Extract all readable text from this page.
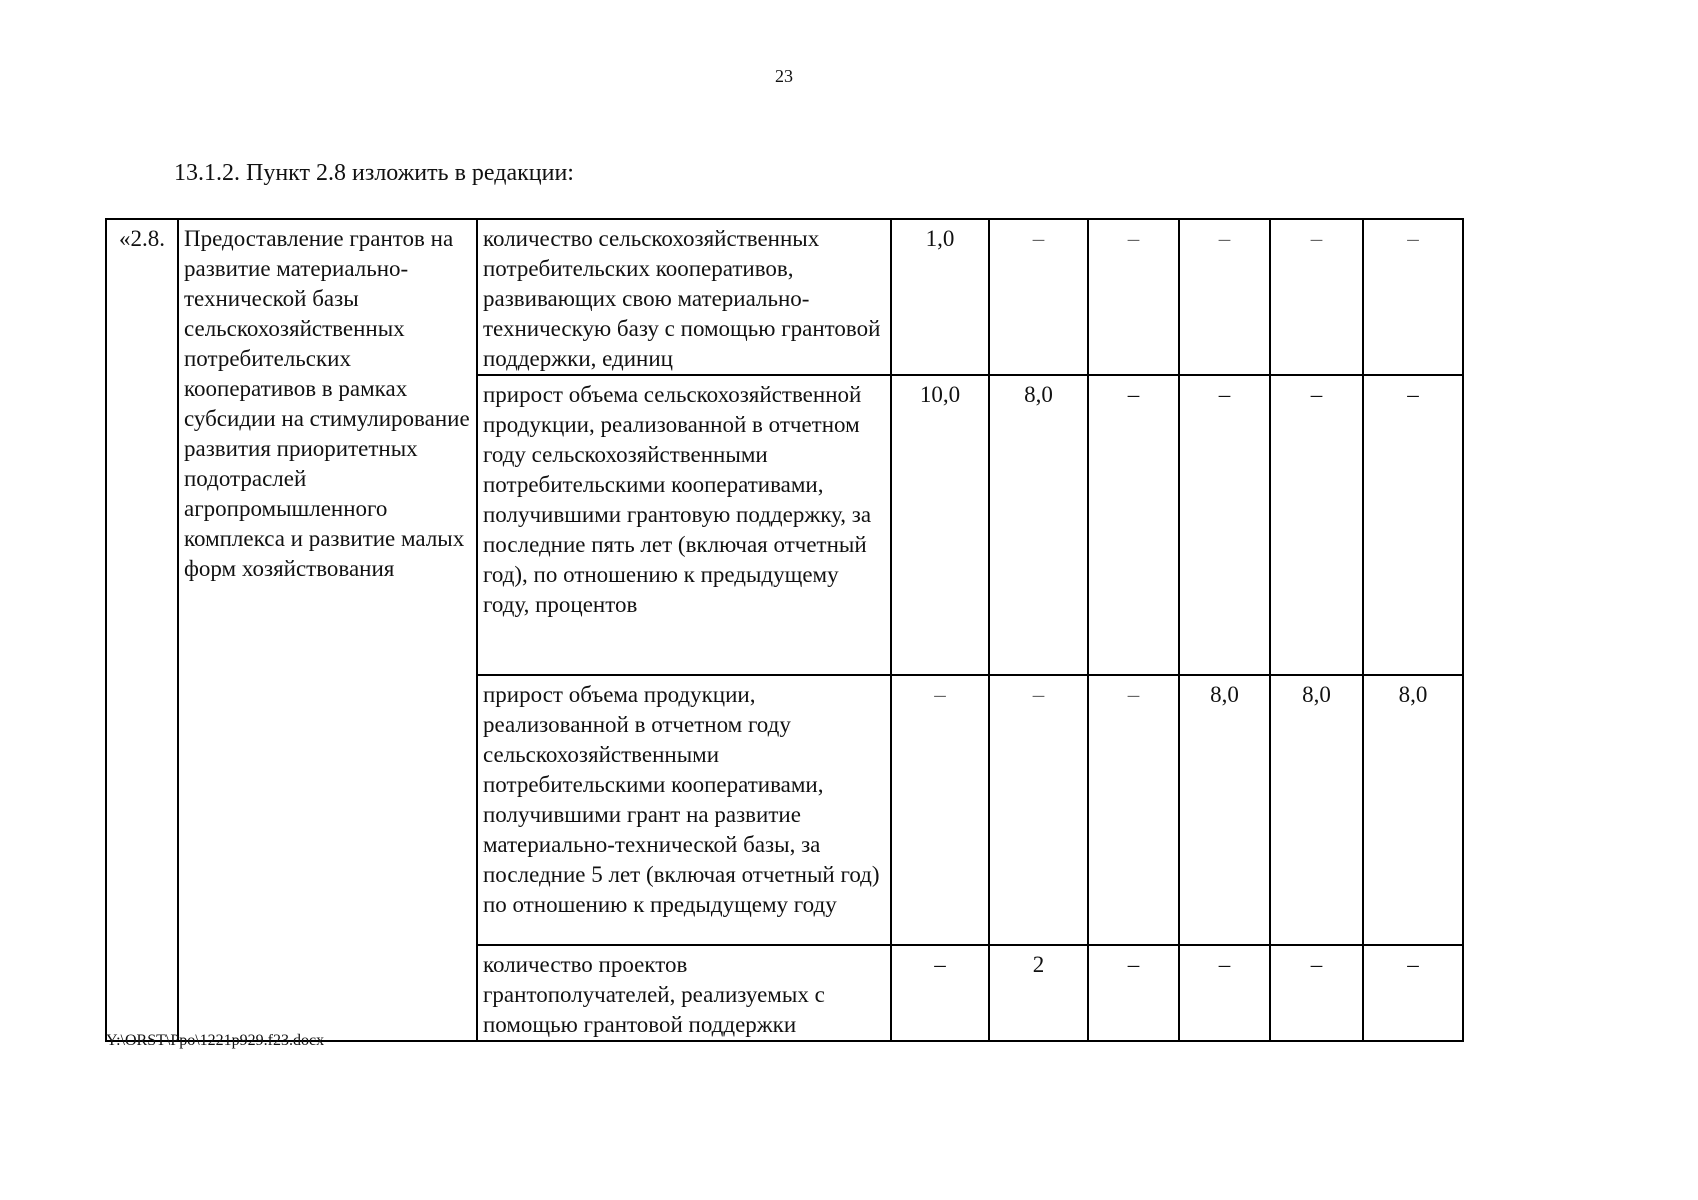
23
13.1.2. Пункт 2.8 изложить в редакции:
«2.8.	Предоставление грантов на развитие материально-технической базы сельскохозяйственных потребительских кооперативов в рамках субсидии на стимулирование развития приоритетных подотраслей агропромышленного комплекса и развитие малых форм хозяйствования	количество сельскохозяйственных потребительских кооперативов, развивающих свою материально-техническую базу с помощью грантовой поддержки, единиц	1,0	–	–	–	–	–
		прирост объема сельскохозяйственной продукции, реализованной в отчетном году сельскохозяйственными потребительскими кооперативами, получившими грантовую поддержку, за последние пять лет (включая отчетный год), по отношению к предыдущему году, процентов	10,0	8,0	–	–	–	–
		прирост объема продукции, реализованной в отчетном году сельскохозяйственными потребительскими кооперативами, получившими грант на развитие материально-технической базы, за последние 5 лет (включая отчетный год) по отношению к предыдущему году	–	–	–	8,0	8,0	8,0
		количество проектов грантополучателей, реализуемых с помощью грантовой поддержки	–	2	–	–	–	–
Y:\ORST\Ppo\1221p929.f23.docx
